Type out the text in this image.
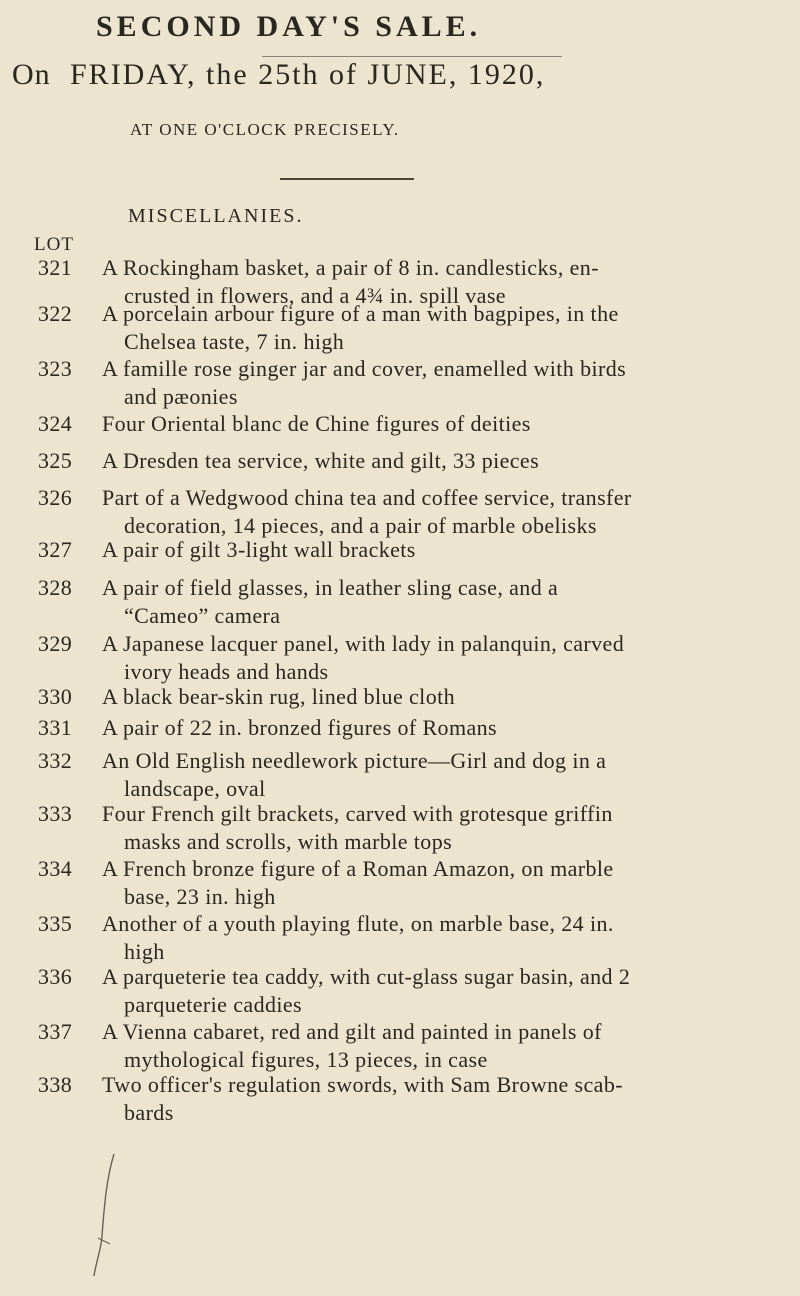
SECOND DAY'S SALE.
On FRIDAY, the 25th of JUNE, 1920,
AT ONE O'CLOCK PRECISELY.
MISCELLANIES.
LOT
321	A Rockingham basket, a pair of 8 in. candlesticks, en-
crusted in flowers, and a 4¾ in. spill vase
322	A porcelain arbour figure of a man with bagpipes, in the
Chelsea taste, 7 in. high
323	A famille rose ginger jar and cover, enamelled with birds
and pæonies
324	Four Oriental blanc de Chine figures of deities
325	A Dresden tea service, white and gilt, 33 pieces
326	Part of a Wedgwood china tea and coffee service, transfer
decoration, 14 pieces, and a pair of marble obelisks
327	A pair of gilt 3-light wall brackets
328	A pair of field glasses, in leather sling case, and a
“Cameo” camera
329	A Japanese lacquer panel, with lady in palanquin, carved
ivory heads and hands
330	A black bear-skin rug, lined blue cloth
331	A pair of 22 in. bronzed figures of Romans
332	An Old English needlework picture—Girl and dog in a
landscape, oval
333	Four French gilt brackets, carved with grotesque griffin
masks and scrolls, with marble tops
334	A French bronze figure of a Roman Amazon, on marble
base, 23 in. high
335	Another of a youth playing flute, on marble base, 24 in.
high
336	A parqueterie tea caddy, with cut-glass sugar basin, and 2
parqueterie caddies
337	A Vienna cabaret, red and gilt and painted in panels of
mythological figures, 13 pieces, in case
338	Two officer's regulation swords, with Sam Browne scab-
bards
